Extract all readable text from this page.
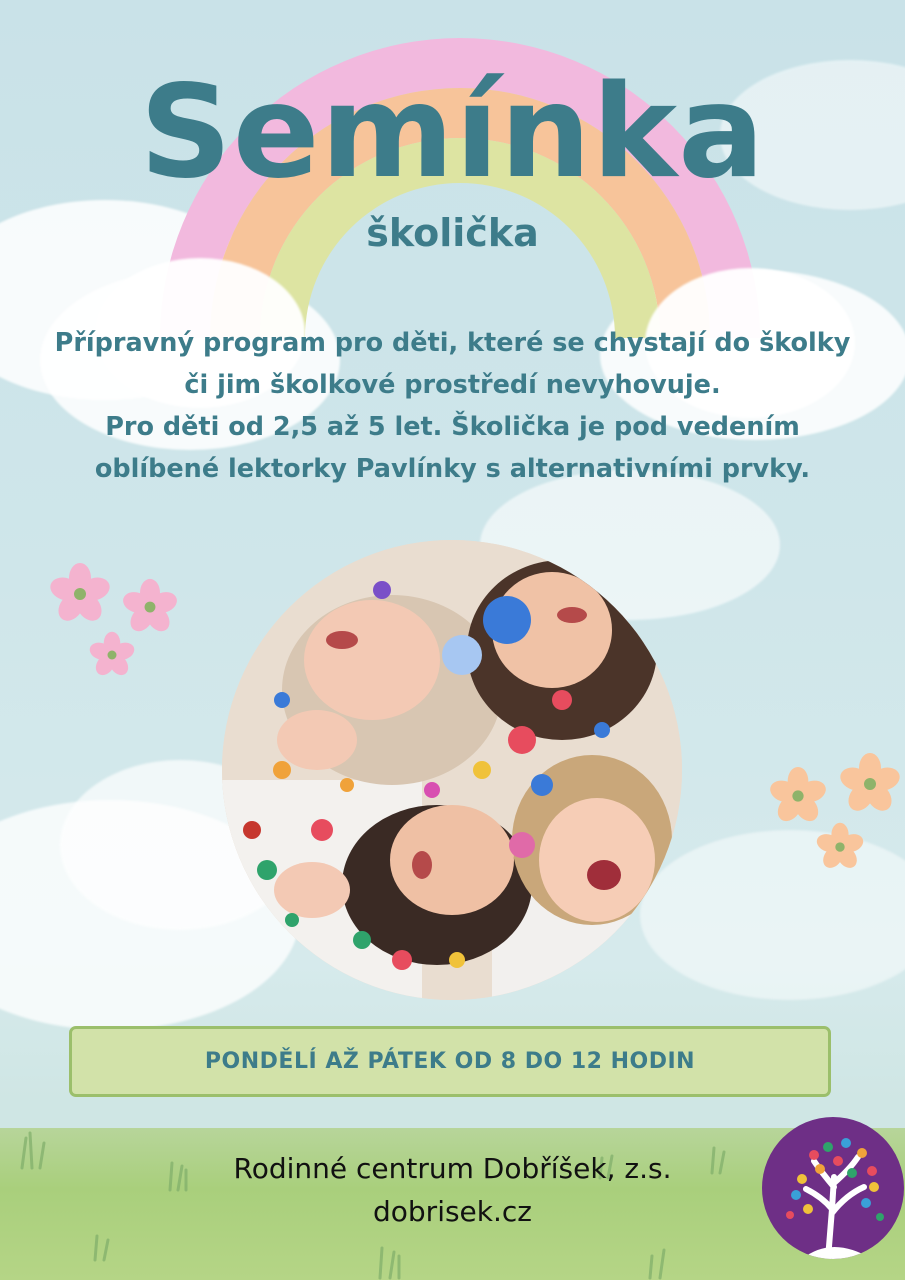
Semínka
školička
Přípravný program pro děti, které se chystají do školky
či jim školkové prostředí nevyhovuje.
Pro děti od 2,5 až 5 let. Školička je pod vedením
oblíbené lektorky Pavlínky s alternativními prvky.
PONDĚLÍ AŽ PÁTEK OD 8 DO 12 HODIN
Rodinné centrum Dobříšek, z.s.
dobrisek.cz
